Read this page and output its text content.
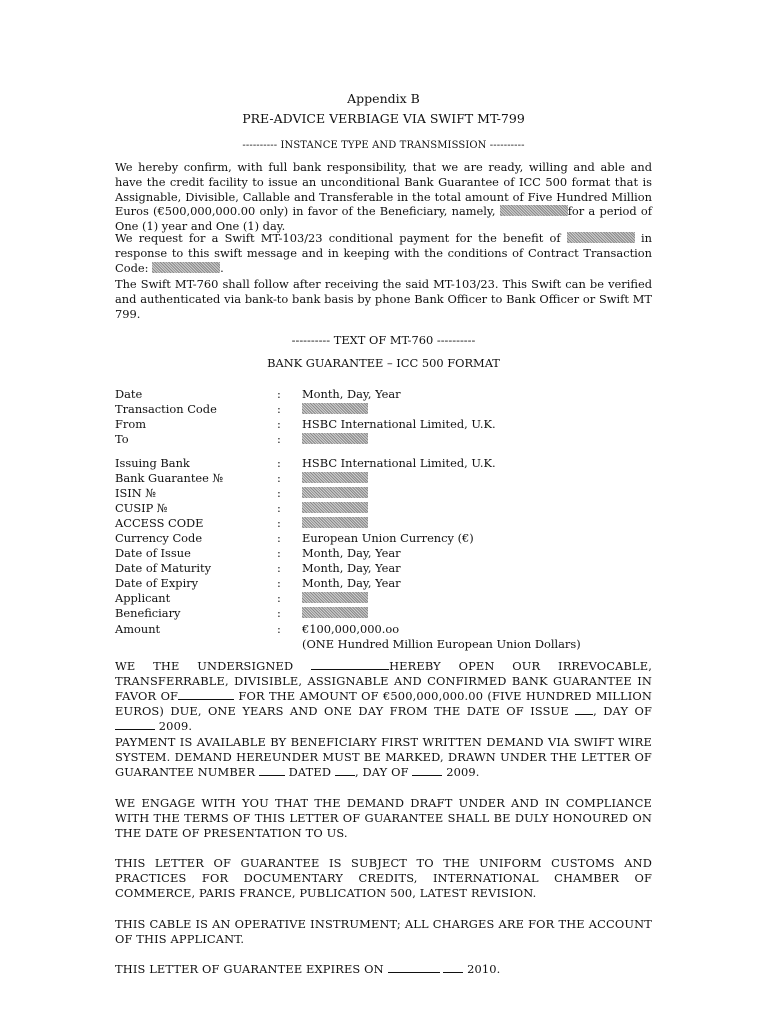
Appendix B
PRE-ADVICE VERBIAGE VIA SWIFT MT-799
---------- INSTANCE TYPE AND TRANSMISSION ----------
We hereby confirm, with full bank responsibility, that we are ready, willing and able and have the credit facility to issue an unconditional Bank Guarantee of ICC 500 format that is Assignable, Divisible, Callable and Transferable in the total amount of Five Hundred Million Euros (€500,000,000.00 only) in favor of the Beneficiary, namely,	for a period of One (1) year and One (1) day.
We request for a Swift MT-103/23 conditional payment for the benefit of	in response to this swift message and in keeping with the conditions of Contract Transaction Code:	.
The Swift MT-760 shall follow after receiving the said MT-103/23. This Swift can be verified and authenticated via bank-to bank basis by phone Bank Officer to Bank Officer or Swift MT 799.
---------- TEXT OF MT-760 ----------
BANK GUARANTEE – ICC 500 FORMAT
Date	: Month, Day, Year
Transaction Code	:
From	: HSBC International Limited, U.K.
To	:
Issuing Bank	: HSBC International Limited, U.K.
Bank Guarantee №	:
ISIN №	:
CUSIP №	:
ACCESS CODE	:
Currency Code	: European Union Currency (€)
Date of Issue	: Month, Day, Year
Date of Maturity	: Month, Day, Year
Date of Expiry	: Month, Day, Year
Applicant	:
Beneficiary	:
Amount	: €100,000,000.oo
(ONE Hundred Million European Union Dollars)
WE THE UNDERSIGNED	HEREBY OPEN OUR IRREVOCABLE, TRANSFERRABLE, DIVISIBLE, ASSIGNABLE AND CONFIRMED BANK GUARANTEE IN FAVOR OF	FOR THE AMOUNT OF €500,000,000.00 (FIVE HUNDRED MILLION EUROS) DUE, ONE YEARS AND ONE DAY FROM THE DATE OF ISSUE , DAY OF  2009.
PAYMENT IS AVAILABLE BY BENEFICIARY FIRST WRITTEN DEMAND VIA SWIFT WIRE SYSTEM. DEMAND HEREUNDER MUST BE MARKED, DRAWN UNDER THE LETTER OF GUARANTEE NUMBER  DATED , DAY OF	2009.
WE ENGAGE WITH YOU THAT THE DEMAND DRAFT UNDER AND IN COMPLIANCE WITH THE TERMS OF THIS LETTER OF GUARANTEE SHALL BE DULY HONOURED ON THE DATE OF PRESENTATION TO US.
THIS LETTER OF GUARANTEE IS SUBJECT TO THE UNIFORM CUSTOMS AND PRACTICES FOR DOCUMENTARY CREDITS, INTERNATIONAL CHAMBER OF COMMERCE, PARIS FRANCE, PUBLICATION 500, LATEST REVISION.
THIS CABLE IS AN OPERATIVE INSTRUMENT; ALL CHARGES ARE FOR THE ACCOUNT OF THIS APPLICANT.
THIS LETTER OF GUARANTEE EXPIRES ON	2010.
